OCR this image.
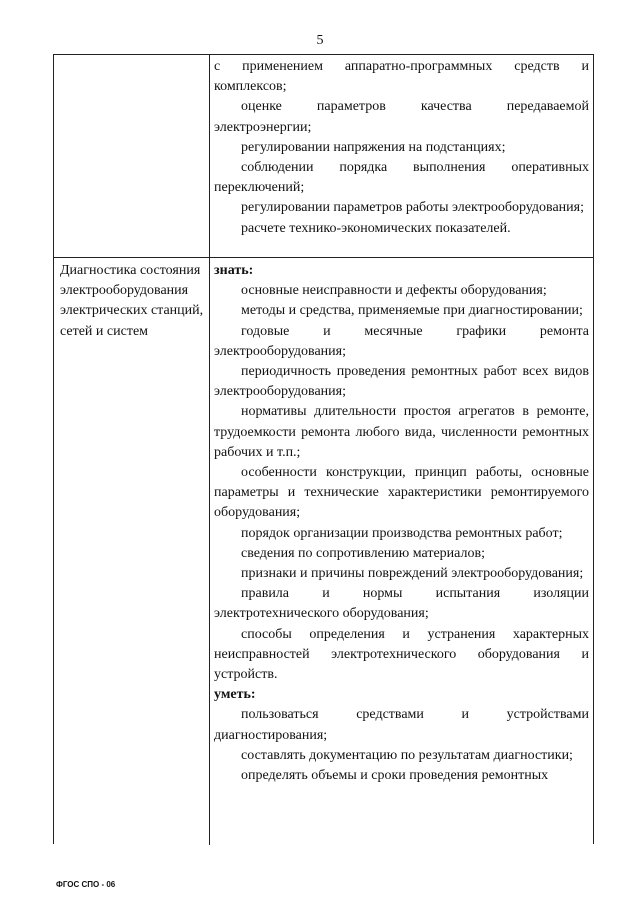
5

с применением аппаратно-программных средств и комплексов;

оценке параметров качества передаваемой электроэнергии;

регулировании напряжения на подстанциях;

соблюдении порядка выполнения оперативных переключений;

регулировании параметров работы электрооборудования;

расчете технико-экономических показателей.

Диагностика состояния электрооборудования электрических станций, сетей и систем

знать:

основные неисправности и дефекты оборудования;

методы и средства, применяемые при диагностировании;

годовые и месячные графики ремонта электрооборудования;

периодичность проведения ремонтных работ всех видов электрооборудования;

нормативы длительности простоя агрегатов в ремонте, трудоемкости ремонта любого вида, численности ремонтных рабочих и т.п.;

особенности конструкции, принцип работы, основные параметры и технические характеристики ремонтируемого оборудования;

порядок организации производства ремонтных работ;

сведения по сопротивлению материалов;

признаки и причины повреждений электрооборудования;

правила и нормы испытания изоляции электротехнического оборудования;

способы определения и устранения характерных неисправностей электротехнического оборудования и устройств.

уметь:

пользоваться средствами и устройствами диагностирования;

составлять документацию по результатам диагностики;

определять объемы и сроки проведения ремонтных

ФГОС СПО - 06
